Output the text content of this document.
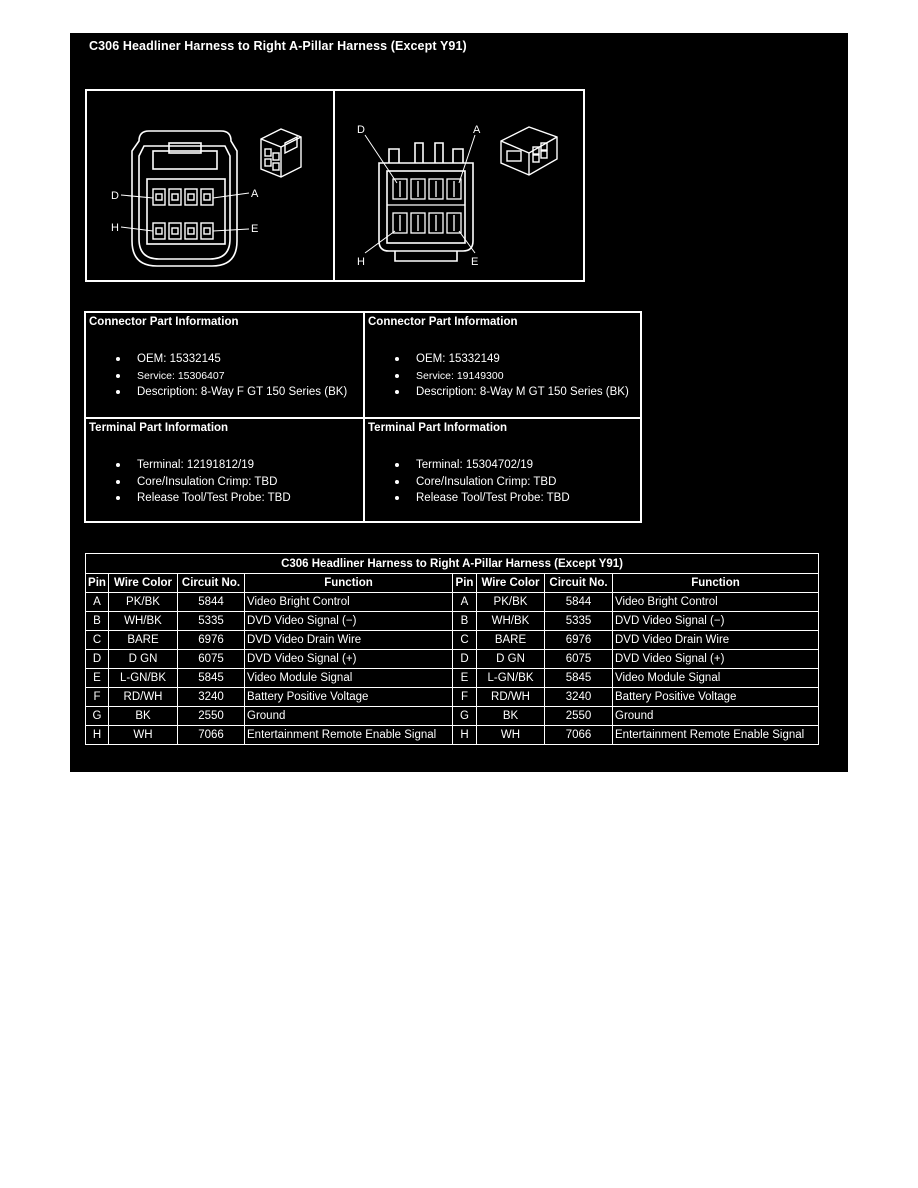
C306 Headliner Harness to Right A-Pillar Harness (Except Y91)
D	A
H	E
D	A
H	E
Connector Part Information
OEM: 15332145
Service: 15306407
Description: 8-Way F GT 150 Series (BK)
Connector Part Information
OEM: 15332149
Service: 19149300
Description: 8-Way M GT 150 Series (BK)
Terminal Part Information
Terminal: 12191812/19
Core/Insulation Crimp: TBD
Release Tool/Test Probe: TBD
Terminal Part Information
Terminal: 15304702/19
Core/Insulation Crimp: TBD
Release Tool/Test Probe: TBD
C306 Headliner Harness to Right A-Pillar Harness (Except Y91)							
Pin	Wire Color	Circuit No.	Function	Pin	Wire Color	Circuit No.	Function
A	PK/BK	5844	Video Bright Control	A	PK/BK	5844	Video Bright Control
B	WH/BK	5335	DVD Video Signal (−)	B	WH/BK	5335	DVD Video Signal (−)
C	BARE	6976	DVD Video Drain Wire	C	BARE	6976	DVD Video Drain Wire
D	D GN	6075	DVD Video Signal (+)	D	D GN	6075	DVD Video Signal (+)
E	L-GN/BK	5845	Video Module Signal	E	L-GN/BK	5845	Video Module Signal
F	RD/WH	3240	Battery Positive Voltage	F	RD/WH	3240	Battery Positive Voltage
G	BK	2550	Ground	G	BK	2550	Ground
H	WH	7066	Entertainment Remote Enable Signal	H	WH	7066	Entertainment Remote Enable Signal
